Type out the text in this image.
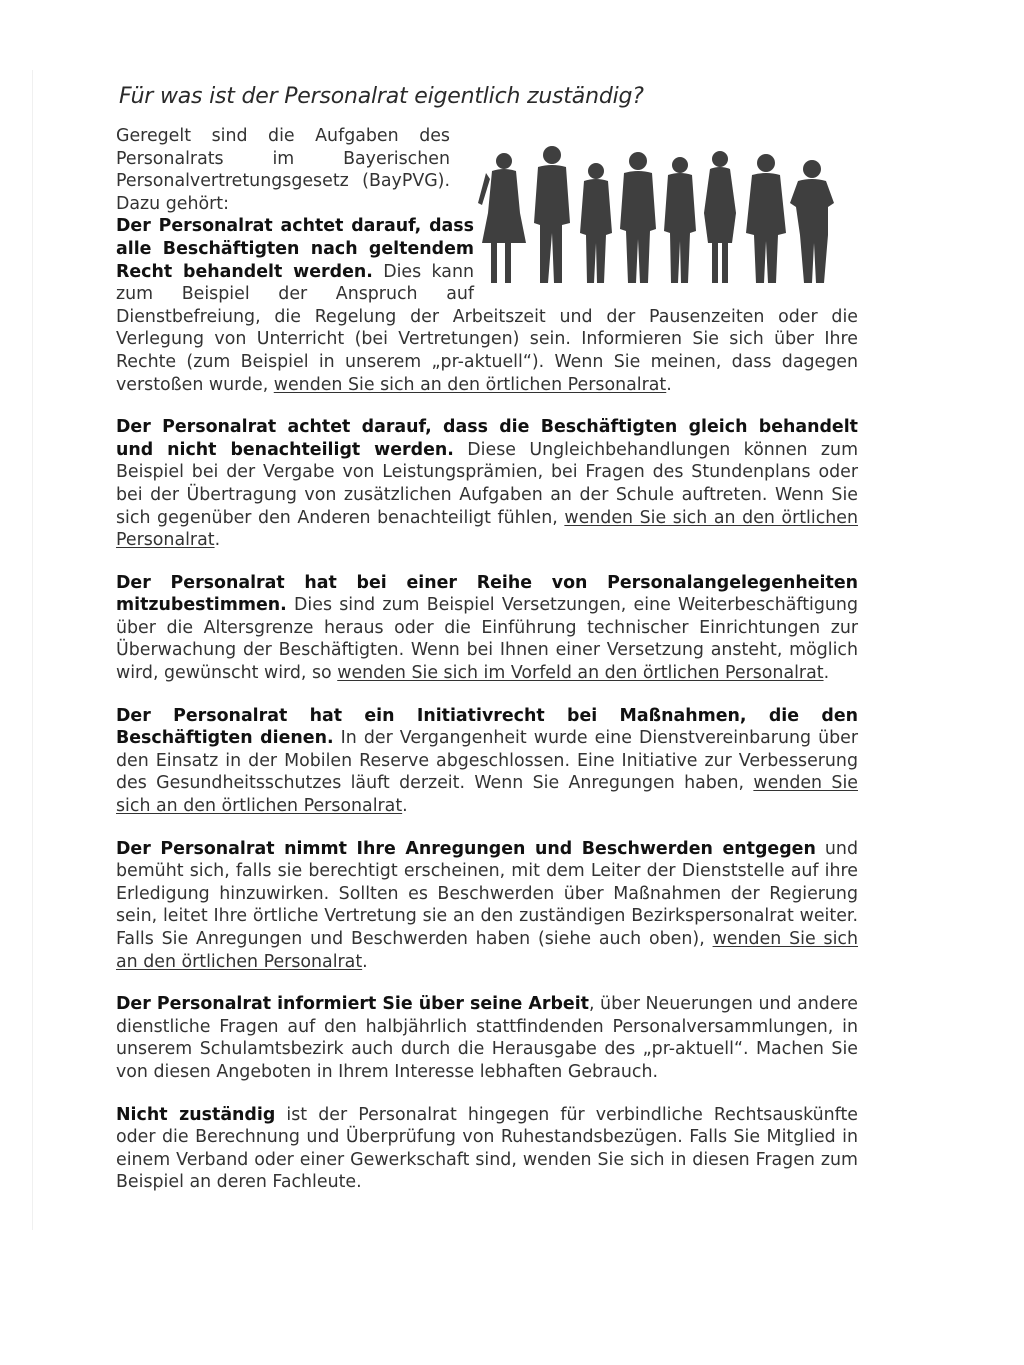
Für was ist der Personalrat eigentlich zuständig?

Geregelt sind die Aufgaben des Personalrats im Bayerischen Personalvertretungsgesetz (BayPVG). Dazu gehört:

Der Personalrat achtet darauf, dass alle Beschäftigten nach geltendem Recht behandelt werden. Dies kann zum Beispiel der Anspruch auf Dienstbefreiung, die Regelung der Arbeitszeit und der Pausenzeiten oder die Verlegung von Unterricht (bei Vertretungen) sein. Informieren Sie sich über Ihre Rechte (zum Beispiel in unserem „pr-aktuell“). Wenn Sie meinen, dass dagegen verstoßen wurde, wenden Sie sich an den örtlichen Personalrat.

Der Personalrat achtet darauf, dass die Beschäftigten gleich behandelt und nicht benachteiligt werden. Diese Ungleichbehandlungen können zum Beispiel bei der Vergabe von Leistungsprämien, bei Fragen des Stundenplans oder bei der Übertragung von zusätzlichen Aufgaben an der Schule auftreten. Wenn Sie sich gegenüber den Anderen benachteiligt fühlen, wenden Sie sich an den örtlichen Personalrat.

Der Personalrat hat bei einer Reihe von Personalangelegenheiten mitzubestimmen. Dies sind zum Beispiel Versetzungen, eine Weiterbeschäftigung über die Altersgrenze heraus oder die Einführung technischer Einrichtungen zur Überwachung der Beschäftigten. Wenn bei Ihnen einer Versetzung ansteht, möglich wird, gewünscht wird, so wenden Sie sich im Vorfeld an den örtlichen Personalrat.

Der Personalrat hat ein Initiativrecht bei Maßnahmen, die den Beschäftigten dienen. In der Vergangenheit wurde eine Dienstvereinbarung über den Einsatz in der Mobilen Reserve abgeschlossen. Eine Initiative zur Verbesserung des Gesundheitsschutzes läuft derzeit. Wenn Sie Anregungen haben, wenden Sie sich an den örtlichen Personalrat.

Der Personalrat nimmt Ihre Anregungen und Beschwerden entgegen und bemüht sich, falls sie berechtigt erscheinen, mit dem Leiter der Dienststelle auf ihre Erledigung hinzuwirken. Sollten es Beschwerden über Maßnahmen der Regierung sein, leitet Ihre örtliche Vertretung sie an den zuständigen Bezirkspersonalrat weiter. Falls Sie Anregungen und Beschwerden haben (siehe auch oben), wenden Sie sich an den örtlichen Personalrat.

Der Personalrat informiert Sie über seine Arbeit, über Neuerungen und andere dienstliche Fragen auf den halbjährlich stattfindenden Personalversammlungen, in unserem Schulamtsbezirk auch durch die Herausgabe des „pr-aktuell“. Machen Sie von diesen Angeboten in Ihrem Interesse lebhaften Gebrauch.

Nicht zuständig ist der Personalrat hingegen für verbindliche Rechtsauskünfte oder die Berechnung und Überprüfung von Ruhestandsbezügen. Falls Sie Mitglied in einem Verband oder einer Gewerkschaft sind, wenden Sie sich in diesen Fragen zum Beispiel an deren Fachleute.
